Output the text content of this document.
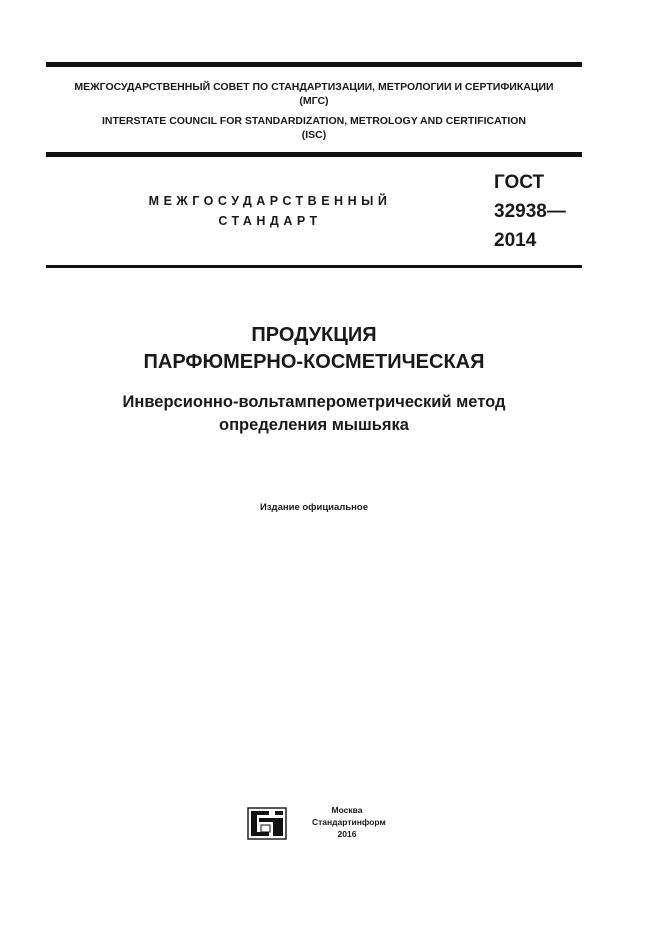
МЕЖГОСУДАРСТВЕННЫЙ СОВЕТ ПО СТАНДАРТИЗАЦИИ, МЕТРОЛОГИИ И СЕРТИФИКАЦИИ

(МГС)

INTERSTATE COUNCIL FOR STANDARDIZATION, METROLOGY AND CERTIFICATION

(ISC)

МЕЖГОСУДАРСТВЕННЫЙ

СТАНДАРТ

ГОСТ

32938—

2014

ПРОДУКЦИЯ

ПАРФЮМЕРНО-КОСМЕТИЧЕСКАЯ

Инверсионно-вольтамперометрический метод

определения мышьяка

Издание официальное

Москва

Стандартинформ

2016
